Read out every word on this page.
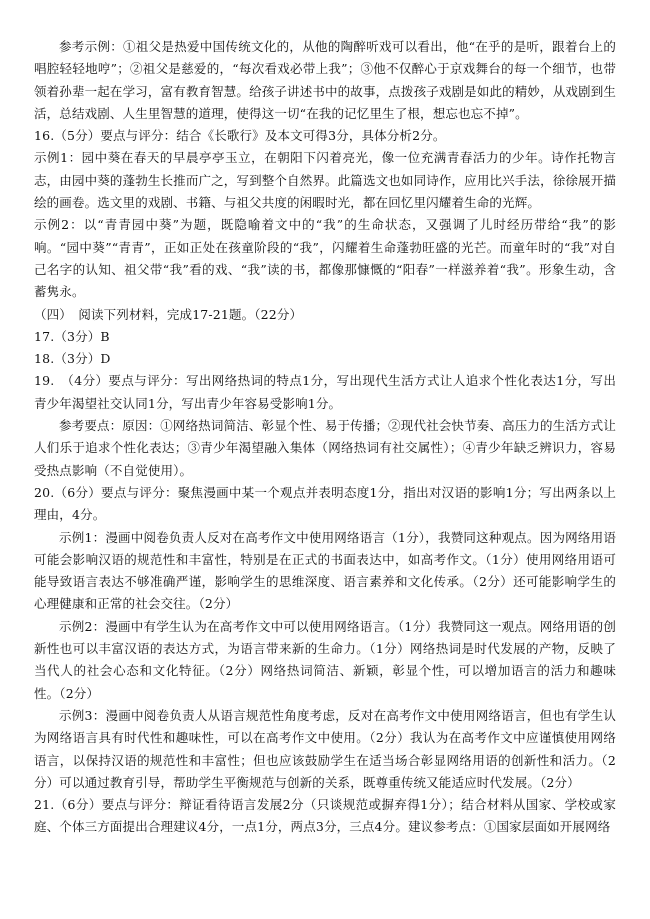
参考示例：①祖父是热爱中国传统文化的，从他的陶醉听戏可以看出，他“在乎的是听，跟着台上的唱腔轻轻地哼”；②祖父是慈爱的，“每次看戏必带上我”；③他不仅醉心于京戏舞台的每一个细节，也带领着孙辈一起在学习，富有教育智慧。给孩子讲述书中的故事，点拨孩子戏剧是如此的精妙，从戏剧到生活，总结戏剧、人生里智慧的道理，使得这一切“在我的记忆里生了根，想忘也忘不掉”。

16.（5分）要点与评分：结合《长歌行》及本文可得3分，具体分析2分。

示例1：园中葵在春天的早晨亭亭玉立，在朝阳下闪着亮光，像一位充满青春活力的少年。诗作托物言志，由园中葵的蓬勃生长推而广之，写到整个自然界。此篇选文也如同诗作，应用比兴手法，徐徐展开描绘的画卷。选文里的戏剧、书籍、与祖父共度的闲暇时光，都在回忆里闪耀着生命的光辉。

示例2：以“青青园中葵”为题，既隐喻着文中的“我”的生命状态，又强调了儿时经历带给“我”的影响。“园中葵”“青青”，正如正处在孩童阶段的“我”，闪耀着生命蓬勃旺盛的光芒。而童年时的“我”对自己名字的认知、祖父带“我”看的戏、“我”读的书，都像那慷慨的“阳春”一样滋养着“我”。形象生动，含蓄隽永。

（四）　阅读下列材料，完成17-21题。（22分）

17.（3分）B

18.（3分）D

19.　（4分）要点与评分：写出网络热词的特点1分，写出现代生活方式让人追求个性化表达1分，写出青少年渴望社交认同1分，写出青少年容易受影响1分。

参考要点：原因：①网络热词简洁、彰显个性、易于传播；②现代社会快节奏、高压力的生活方式让人们乐于追求个性化表达；③青少年渴望融入集体（网络热词有社交属性）；④青少年缺乏辨识力，容易受热点影响（不自觉使用）。

20.（6分）要点与评分：聚焦漫画中某一个观点并表明态度1分，指出对汉语的影响1分；写出两条以上理由，4分。

示例1：漫画中阅卷负责人反对在高考作文中使用网络语言（1分），我赞同这种观点。因为网络用语可能会影响汉语的规范性和丰富性，特别是在正式的书面表达中，如高考作文。（1分）使用网络用语可能导致语言表达不够准确严谨，影响学生的思维深度、语言素养和文化传承。（2分）还可能影响学生的心理健康和正常的社会交往。（2分）

示例2：漫画中有学生认为在高考作文中可以使用网络语言。（1分）我赞同这一观点。网络用语的创新性也可以丰富汉语的表达方式，为语言带来新的生命力。（1分）网络热词是时代发展的产物，反映了当代人的社会心态和文化特征。（2分）网络热词简洁、新颖，彰显个性，可以增加语言的活力和趣味性。（2分）

示例3：漫画中阅卷负责人从语言规范性角度考虑，反对在高考作文中使用网络语言，但也有学生认为网络语言具有时代性和趣味性，可以在高考作文中使用。（2分）我认为在高考作文中应谨慎使用网络语言，以保持汉语的规范性和丰富性；但也应该鼓励学生在适当场合彰显网络用语的创新性和活力。（2分）可以通过教育引导，帮助学生平衡规范与创新的关系，既尊重传统又能适应时代发展。（2分）

21.（6分）要点与评分：辩证看待语言发展2分（只谈规范或摒弃得1分）；结合材料从国家、学校或家庭、个体三方面提出合理建议4分，一点1分，两点3分，三点4分。建议参考点：①国家层面如开展网络
